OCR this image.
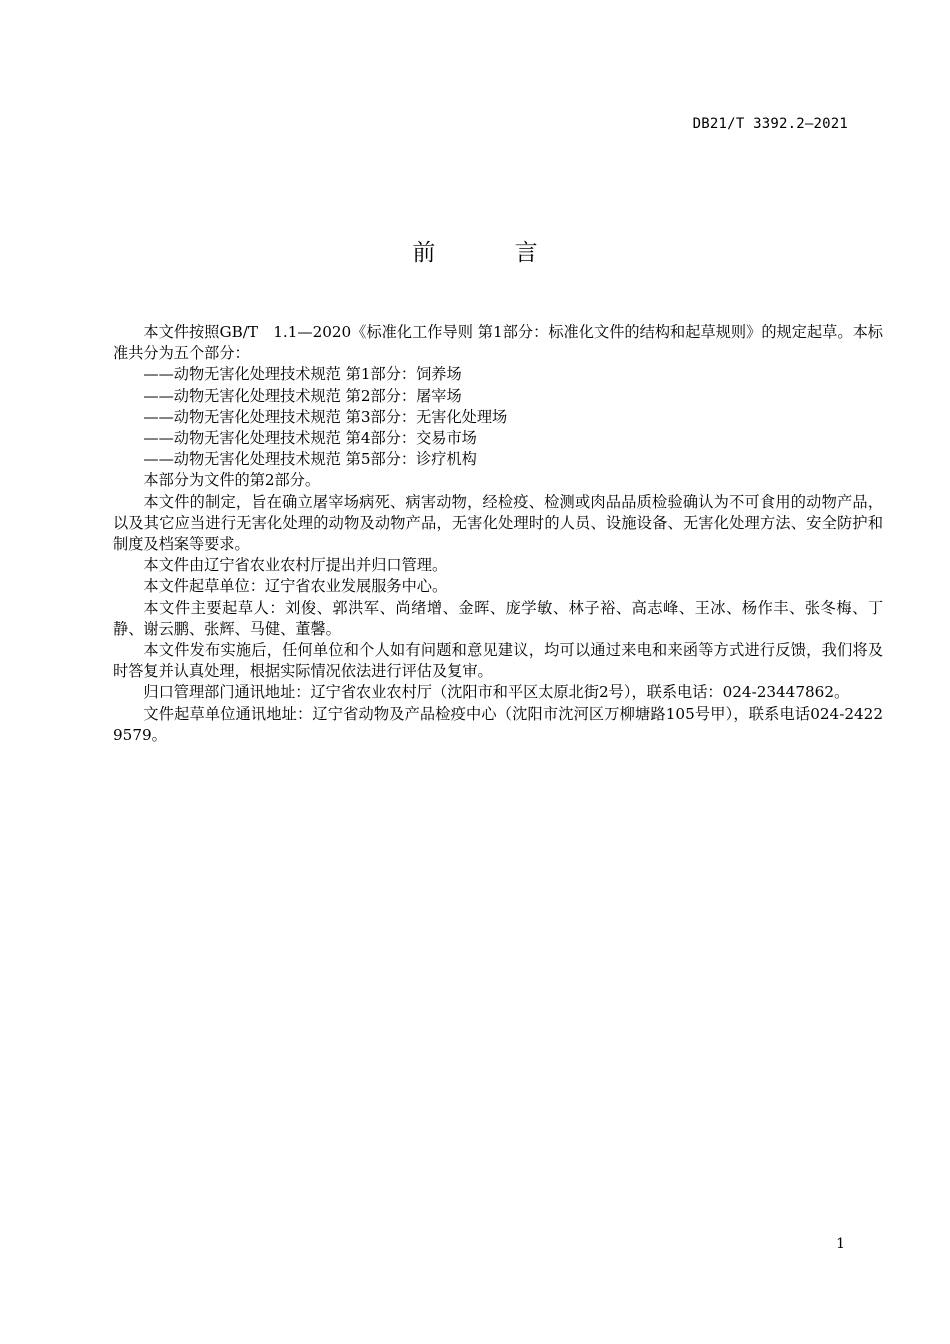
DB21/T 3392.2—2021
前 言

本文件按照GB/T　1.1—2020《标准化工作导则 第1部分：标准化文件的结构和起草规则》的规定起草。本标准共分为五个部分：

——动物无害化处理技术规范 第1部分：饲养场

——动物无害化处理技术规范 第2部分：屠宰场

——动物无害化处理技术规范 第3部分：无害化处理场

——动物无害化处理技术规范 第4部分：交易市场

——动物无害化处理技术规范 第5部分：诊疗机构

本部分为文件的第2部分。

本文件的制定，旨在确立屠宰场病死、病害动物，经检疫、检测或肉品品质检验确认为不可食用的动物产品，以及其它应当进行无害化处理的动物及动物产品，无害化处理时的人员、设施设备、无害化处理方法、安全防护和制度及档案等要求。

本文件由辽宁省农业农村厅提出并归口管理。

本文件起草单位：辽宁省农业发展服务中心。

本文件主要起草人：刘俊、郭洪军、尚绪增、金晖、庞学敏、林子裕、高志峰、王冰、杨作丰、张冬梅、丁静、谢云鹏、张辉、马健、董馨。

本文件发布实施后，任何单位和个人如有问题和意见建议，均可以通过来电和来函等方式进行反馈，我们将及时答复并认真处理，根据实际情况依法进行评估及复审。

归口管理部门通讯地址：辽宁省农业农村厅（沈阳市和平区太原北街2号），联系电话：024-23447862。

文件起草单位通讯地址：辽宁省动物及产品检疫中心（沈阳市沈河区万柳塘路105号甲），联系电话024-24229579。

1
